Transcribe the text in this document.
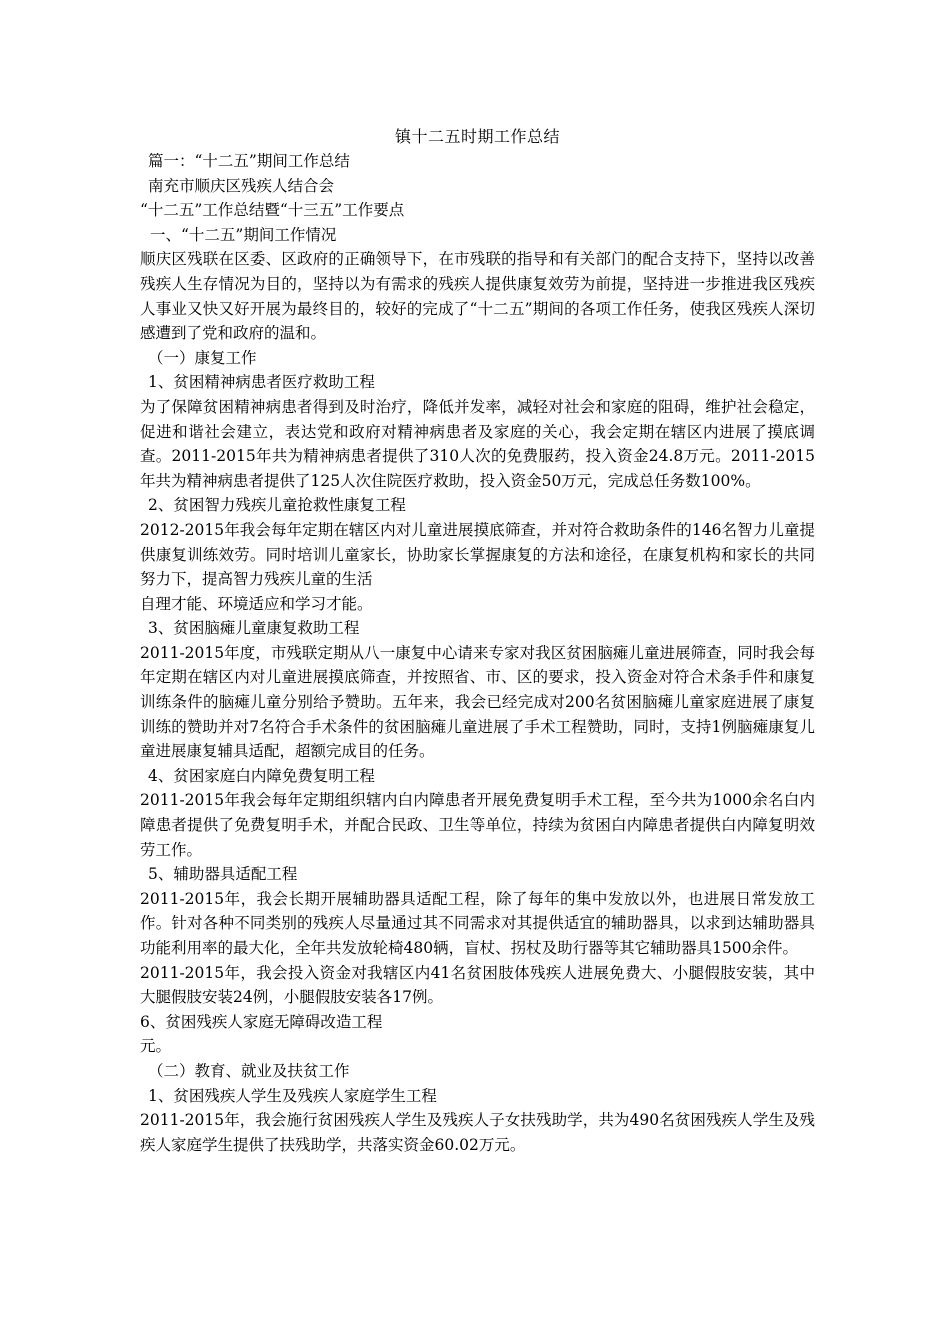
镇十二五时期工作总结

篇一：“十二五”期间工作总结

南充市顺庆区残疾人结合会

“十二五”工作总结暨“十三五”工作要点

一、“十二五”期间工作情况

顺庆区残联在区委、区政府的正确领导下，在市残联的指导和有关部门的配合支持下，坚持以改善残疾人生存情况为目的，坚持以为有需求的残疾人提供康复效劳为前提，坚持进一步推进我区残疾人事业又快又好开展为最终目的，较好的完成了“十二五”期间的各项工作任务，使我区残疾人深切感遭到了党和政府的温和。

（一）康复工作

1、贫困精神病患者医疗救助工程

为了保障贫困精神病患者得到及时治疗，降低并发率，减轻对社会和家庭的阻碍，维护社会稳定，促进和谐社会建立，表达党和政府对精神病患者及家庭的关心，我会定期在辖区内进展了摸底调查。2011-2015年共为精神病患者提供了310人次的免费服药，投入资金24.8万元。2011-2015年共为精神病患者提供了125人次住院医疗救助，投入资金50万元，完成总任务数100%。

2、贫困智力残疾儿童抢救性康复工程

2012-2015年我会每年定期在辖区内对儿童进展摸底筛查，并对符合救助条件的146名智力儿童提供康复训练效劳。同时培训儿童家长，协助家长掌握康复的方法和途径，在康复机构和家长的共同努力下，提高智力残疾儿童的生活

自理才能、环境适应和学习才能。

3、贫困脑瘫儿童康复救助工程

2011-2015年度，市残联定期从八一康复中心请来专家对我区贫困脑瘫儿童进展筛查，同时我会每年定期在辖区内对儿童进展摸底筛查，并按照省、市、区的要求，投入资金对符合术条手件和康复训练条件的脑瘫儿童分别给予赞助。五年来，我会已经完成对200名贫困脑瘫儿童家庭进展了康复训练的赞助并对7名符合手术条件的贫困脑瘫儿童进展了手术工程赞助，同时，支持1例脑瘫康复儿童进展康复辅具适配，超额完成目的任务。

4、贫困家庭白内障免费复明工程

2011-2015年我会每年定期组织辖内白内障患者开展免费复明手术工程，至今共为1000余名白内障患者提供了免费复明手术，并配合民政、卫生等单位，持续为贫困白内障患者提供白内障复明效劳工作。

5、辅助器具适配工程

2011-2015年，我会长期开展辅助器具适配工程，除了每年的集中发放以外，也进展日常发放工作。针对各种不同类别的残疾人尽量通过其不同需求对其提供适宜的辅助器具，以求到达辅助器具功能利用率的最大化，全年共发放轮椅480辆，盲杖、拐杖及助行器等其它辅助器具1500余件。

2011-2015年，我会投入资金对我辖区内41名贫困肢体残疾人进展免费大、小腿假肢安装，其中大腿假肢安装24例，小腿假肢安装各17例。

6、贫困残疾人家庭无障碍改造工程

元。

（二）教育、就业及扶贫工作

1、贫困残疾人学生及残疾人家庭学生工程

2011-2015年，我会施行贫困残疾人学生及残疾人子女扶残助学，共为490名贫困残疾人学生及残疾人家庭学生提供了扶残助学，共落实资金60.02万元。
